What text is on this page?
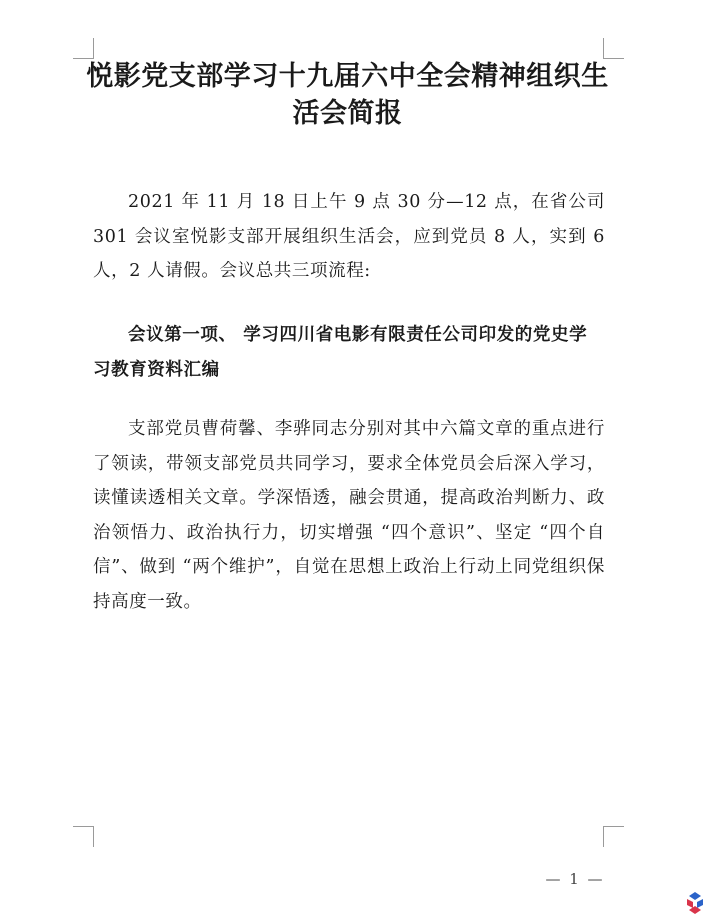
悦影党支部学习十九届六中全会精神组织生活会简报

2021 年 11 月 18 日上午 9 点 30 分—12 点，在省公司 301 会议室悦影支部开展组织生活会，应到党员 8 人，实到 6 人，2 人请假。会议总共三项流程:

会议第一项、 学习四川省电影有限责任公司印发的党史学习教育资料汇编

支部党员曹荷馨、李骅同志分别对其中六篇文章的重点进行了领读，带领支部党员共同学习，要求全体党员会后深入学习，读懂读透相关文章。学深悟透，融会贯通，提高政治判断力、政治领悟力、政治执行力，切实增强 “四个意识”、坚定 “四个自信”、做到 “两个维护”，自觉在思想上政治上行动上同党组织保持高度一致。

— 1 —
